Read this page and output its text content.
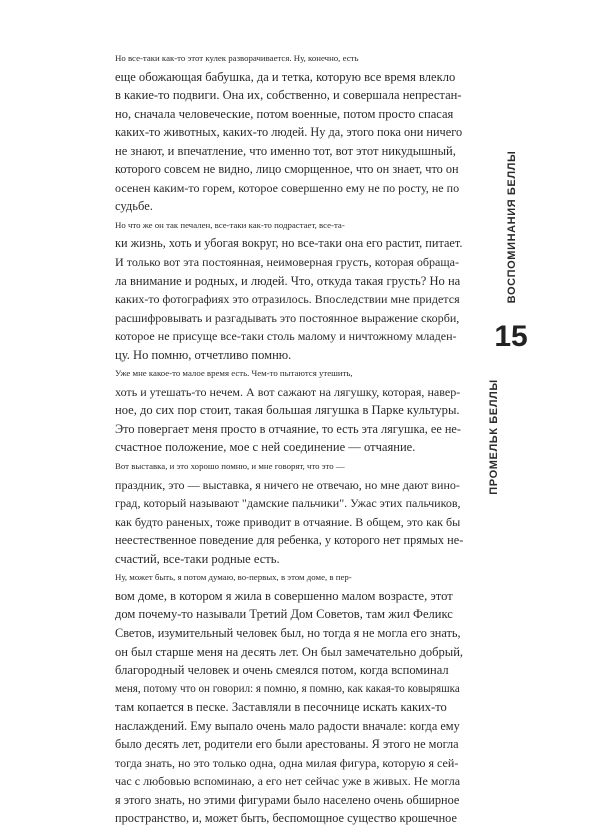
Но все-таки как-то этот кулек разворачивается. Ну, конечно, есть
еще обожающая бабушка, да и тетка, которую все время влекло
в какие-то подвиги. Она их, собственно, и совершала непрестан-
но, сначала человеческие, потом военные, потом просто спасая
каких-то животных, каких-то людей. Ну да, этого пока они ничего
не знают, и впечатление, что именно тот, вот этот никудышный,
которого совсем не видно, лицо сморщенное, что он знает, что он
осенен каким-то горем, которое совершенно ему не по росту, не по
судьбе.
Но что же он так печален, все-таки как-то подрастает, все-та-
ки жизнь, хоть и убогая вокруг, но все-таки она его растит, питает.
И только вот эта постоянная, неимоверная грусть, которая обраща-
ла внимание и родных, и людей. Что, откуда такая грусть? Но на
каких-то фотографиях это отразилось. Впоследствии мне придется
расшифровывать и разгадывать это постоянное выражение скорби,
которое не присуще все-таки столь малому и ничтожному младен-
цу. Но помню, отчетливо помню.
Уже мне какое-то малое время есть. Чем-то пытаются утешить,
хоть и утешать-то нечем. А вот сажают на лягушку, которая, навер-
ное, до сих пор стоит, такая большая лягушка в Парке культуры.
Это повергает меня просто в отчаяние, то есть эта лягушка, ее не-
счастное положение, мое с ней соединение — отчаяние.
Вот выставка, и это хорошо помню, и мне говорят, что это —
праздник, это — выставка, я ничего не отвечаю, но мне дают вино-
град, который называют "дамские пальчики". Ужас этих пальчиков,
как будто раненых, тоже приводит в отчаяние. В общем, это как бы
неестественное поведение для ребенка, у которого нет прямых не-
счастий, все-таки родные есть.
Ну, может быть, я потом думаю, во-первых, в этом доме, в пер-
вом доме, в котором я жила в совершенно малом возрасте, этот
дом почему-то называли Третий Дом Советов, там жил Феликс
Светов, изумительный человек был, но тогда я не могла его знать,
он был старше меня на десять лет. Он был замечательно добрый,
благородный человек и очень смеялся потом, когда вспоминал
меня, потому что он говорил: я помню, я помню, как какая-то ковыряшка
там копается в песке. Заставляли в песочнице искать каких-то
наслаждений. Ему выпало очень мало радости вначале: когда ему
было десять лет, родители его были арестованы. Я этого не могла
тогда знать, но это только одна, одна милая фигура, которую я сей-
час с любовью вспоминаю, а его нет сейчас уже в живых. Не могла
я этого знать, но этими фигурами было населено очень обширное
пространство, и, может быть, беспомощное существо крошечное
ВОСПОМИНАНИЯ БЕЛЛЫ
15
ПРОМЕЛЬК БЕЛЛЫ
